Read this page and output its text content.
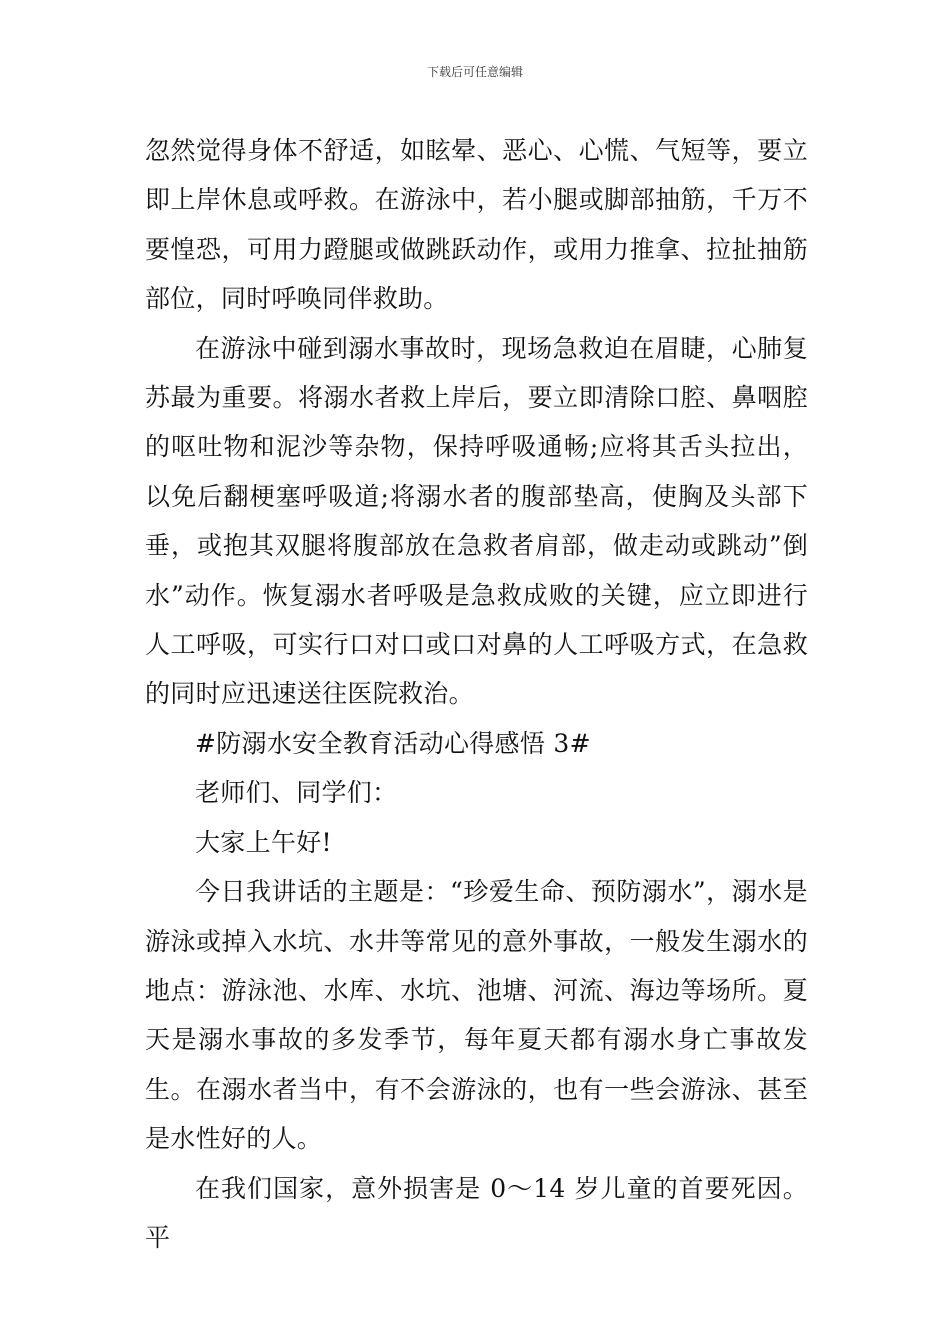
下载后可任意编辑

忽然觉得身体不舒适，如眩晕、恶心、心慌、气短等，要立即上岸休息或呼救。在游泳中，若小腿或脚部抽筋，千万不要惶恐，可用力蹬腿或做跳跃动作，或用力推拿、拉扯抽筋部位，同时呼唤同伴救助。

在游泳中碰到溺水事故时，现场急救迫在眉睫，心肺复苏最为重要。将溺水者救上岸后，要立即清除口腔、鼻咽腔的呕吐物和泥沙等杂物，保持呼吸通畅;应将其舌头拉出，以免后翻梗塞呼吸道;将溺水者的腹部垫高，使胸及头部下垂，或抱其双腿将腹部放在急救者肩部，做走动或跳动”倒水”动作。恢复溺水者呼吸是急救成败的关键，应立即进行人工呼吸，可实行口对口或口对鼻的人工呼吸方式，在急救的同时应迅速送往医院救治。

#防溺水安全教育活动心得感悟 3#

老师们、同学们：

大家上午好!

今日我讲话的主题是：“珍爱生命、预防溺水”，溺水是游泳或掉入水坑、水井等常见的意外事故，一般发生溺水的地点：游泳池、水库、水坑、池塘、河流、海边等场所。夏天是溺水事故的多发季节，每年夏天都有溺水身亡事故发生。在溺水者当中，有不会游泳的，也有一些会游泳、甚至是水性好的人。

在我们国家，意外损害是 0～14 岁儿童的首要死因。平
